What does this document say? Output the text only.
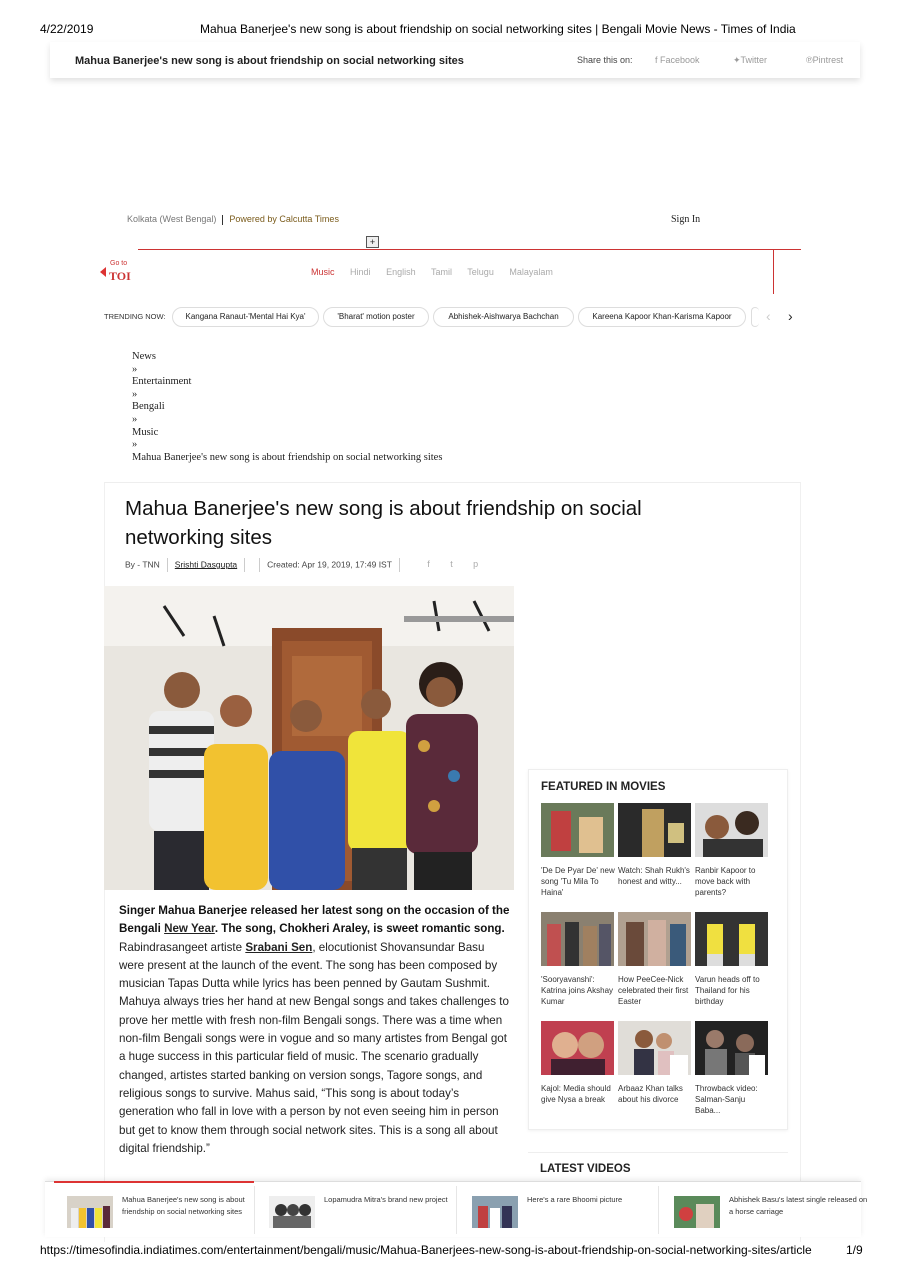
4/22/2019	Mahua Banerjee's new song is about friendship on social networking sites | Bengali Movie News - Times of India
Mahua Banerjee's new song is about friendship on social networking sites	Share this on: f Facebook	✦Twitter	℗Pintrest
Kolkata (West Bengal) Powered by Calcutta Times	Sign In
+
Go to
TOI	Music Hindi English Tamil Telugu Malayalam
TRENDING NOW:	Kangana Ranaut-'Mental Hai Kya'	'Bharat' motion poster	Abhishek-Aishwarya Bachchan	Kareena Kapoor Khan-Karisma Kapoor	‹ ›
News
»
Entertainment
»
Bengali
»
Music
»
Mahua Banerjee's new song is about friendship on social networking sites
Mahua Banerjee's new song is about friendship on social networking sites
By - TNN Srishti Dasgupta	Created: Apr 19, 2019, 17:49 IST	f t p
Singer Mahua Banerjee released her latest song on the occasion of the Bengali New Year. The song, Chokheri Araley, is sweet romantic song. Rabindrasangeet artiste Srabani Sen, elocutionist Shovansundar Basu were present at the launch of the event. The song has been composed by musician Tapas Dutta while lyrics has been penned by Gautam Sushmit. Mahuya always tries her hand at new Bengal songs and takes challenges to prove her mettle with fresh non-film Bengali songs. There was a time when non-film Bengali songs were in vogue and so many artistes from Bengal got a huge success in this particular field of music. The scenario gradually changed, artistes started banking on version songs, Tagore songs, and religious songs to survive. Mahus said, “This song is about today’s generation who fall in love with a person by not even seeing him in person but get to know them through social network sites. This is a song all about digital friendship.”
FEATURED IN MOVIES
'De De Pyar De' new song 'Tu Mila To Haina'
Watch: Shah Rukh's honest and witty...
Ranbir Kapoor to move back with parents?
'Sooryavanshi': Katrina joins Akshay Kumar
How PeeCee-Nick celebrated their first Easter
Varun heads off to Thailand for his birthday
Kajol: Media should give Nysa a break
Arbaaz Khan talks about his divorce
Throwback video: Salman-Sanju Baba...
LATEST VIDEOS
Mahua Banerjee's new song is about friendship on social networking sites
Lopamudra Mitra's brand new project	Here's a rare Bhoomi picture	Abhishek Basu's latest single released on a horse carriage
https://timesofindia.indiatimes.com/entertainment/bengali/music/Mahua-Banerjees-new-song-is-about-friendship-on-social-networking-sites/article	1/9
